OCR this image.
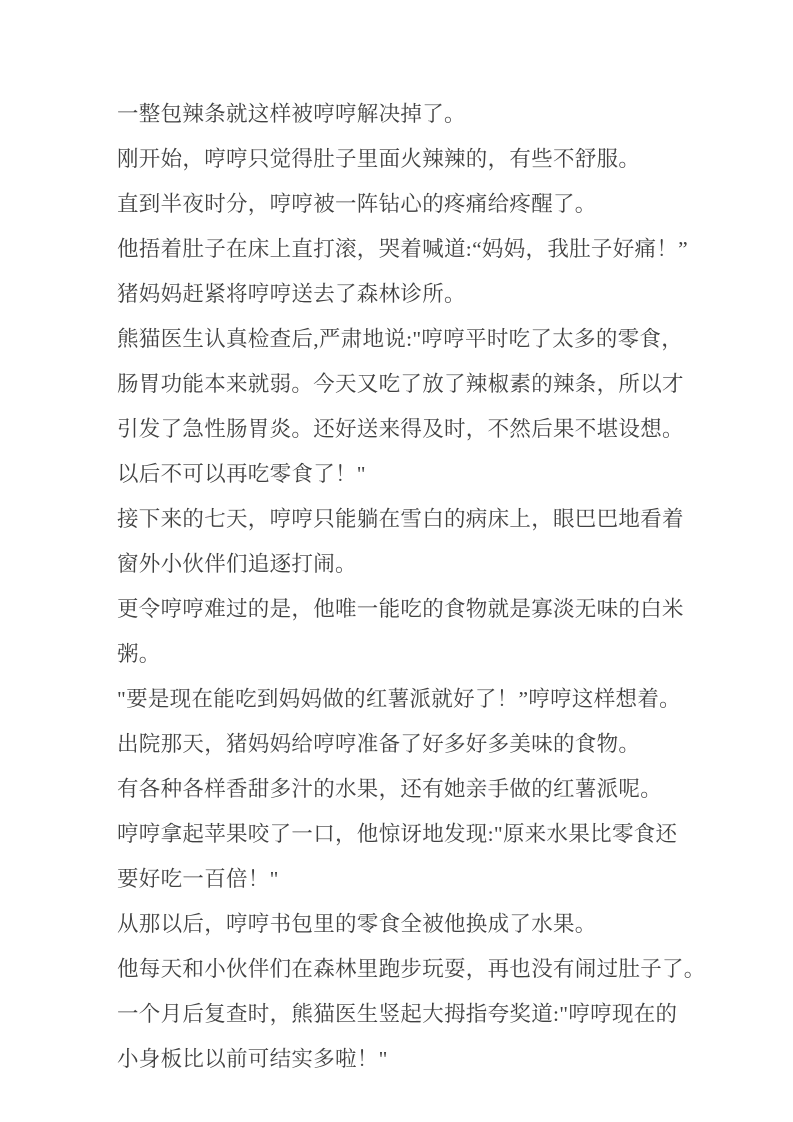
一整包辣条就这样被哼哼解决掉了。
刚开始，哼哼只觉得肚子里面火辣辣的，有些不舒服。
直到半夜时分，哼哼被一阵钻心的疼痛给疼醒了。
他捂着肚子在床上直打滚，哭着喊道:“妈妈，我肚子好痛！”
猪妈妈赶紧将哼哼送去了森林诊所。
熊猫医生认真检查后,严肃地说:"哼哼平时吃了太多的零食，
肠胃功能本来就弱。今天又吃了放了辣椒素的辣条，所以才
引发了急性肠胃炎。还好送来得及时，不然后果不堪设想。
以后不可以再吃零食了！"
接下来的七天，哼哼只能躺在雪白的病床上，眼巴巴地看着
窗外小伙伴们追逐打闹。
更令哼哼难过的是，他唯一能吃的食物就是寡淡无味的白米
粥。
"要是现在能吃到妈妈做的红薯派就好了！”哼哼这样想着。
出院那天，猪妈妈给哼哼准备了好多好多美味的食物。
有各种各样香甜多汁的水果，还有她亲手做的红薯派呢。
哼哼拿起苹果咬了一口，他惊讶地发现:"原来水果比零食还
要好吃一百倍！"
从那以后，哼哼书包里的零食全被他换成了水果。
他每天和小伙伴们在森林里跑步玩耍，再也没有闹过肚子了。
一个月后复查时，熊猫医生竖起大拇指夸奖道:"哼哼现在的
小身板比以前可结实多啦！"
